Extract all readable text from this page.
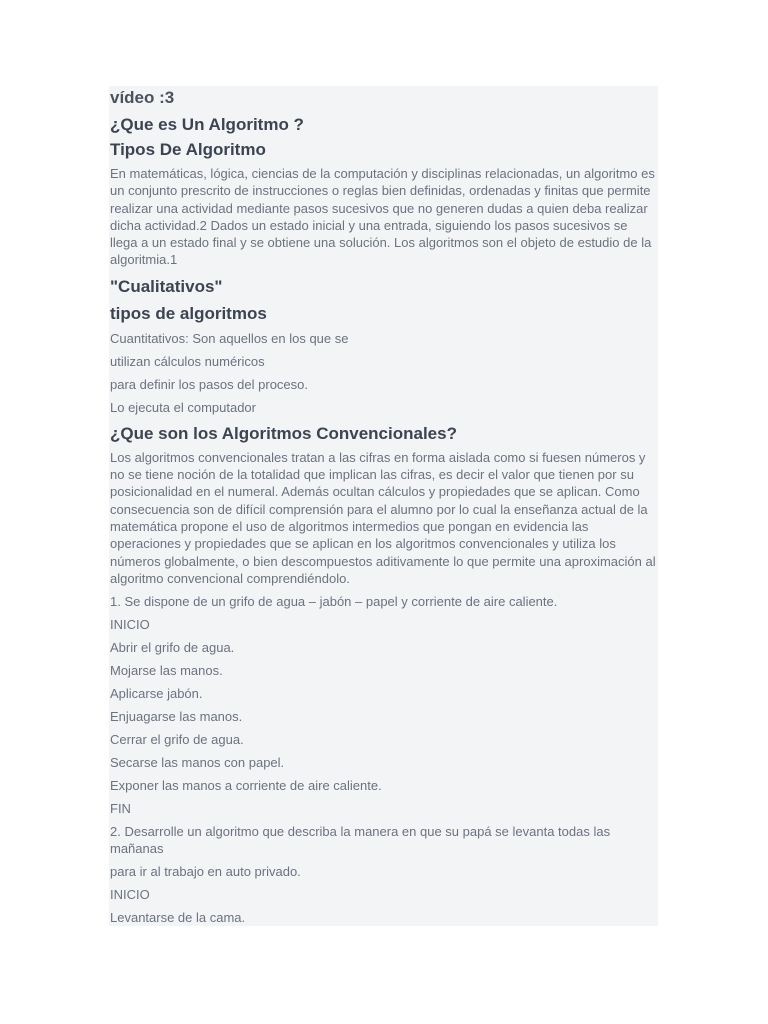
vídeo :3
¿Que es Un Algoritmo ?
Tipos De Algoritmo

En matemáticas, lógica, ciencias de la computación y disciplinas relacionadas, un algoritmo es un conjunto prescrito de instrucciones o reglas bien definidas, ordenadas y finitas que permite realizar una actividad mediante pasos sucesivos que no generen dudas a quien deba realizar dicha actividad.2 Dados un estado inicial y una entrada, siguiendo los pasos sucesivos se llega a un estado final y se obtiene una solución. Los algoritmos son el objeto de estudio de la algoritmia.1

"Cualitativos"
tipos de algoritmos

Cuantitativos: Son aquellos en los que se

utilizan cálculos numéricos

para definir los pasos del proceso.

Lo ejecuta el computador

¿Que son los Algoritmos Convencionales?

Los algoritmos convencionales tratan a las cifras en forma aislada como si fuesen números y no se tiene noción de la totalidad que implican las cifras, es decir el valor que tienen por su posicionalidad en el numeral. Además ocultan cálculos y propiedades que se aplican. Como consecuencia son de difícil comprensión para el alumno por lo cual la enseñanza actual de la matemática propone el uso de algoritmos intermedios que pongan en evidencia las operaciones y propiedades que se aplican en los algoritmos convencionales y utiliza los números globalmente, o bien descompuestos aditivamente lo que permite una aproximación al algoritmo convencional comprendiéndolo.

1. Se dispone de un grifo de agua – jabón – papel y corriente de aire caliente.

INICIO

Abrir el grifo de agua.

Mojarse las manos.

Aplicarse jabón.

Enjuagarse las manos.

Cerrar el grifo de agua.

Secarse las manos con papel.

Exponer las manos a corriente de aire caliente.

FIN

2. Desarrolle un algoritmo que describa la manera en que su papá se levanta todas las mañanas

para ir al trabajo en auto privado.

INICIO

Levantarse de la cama.
